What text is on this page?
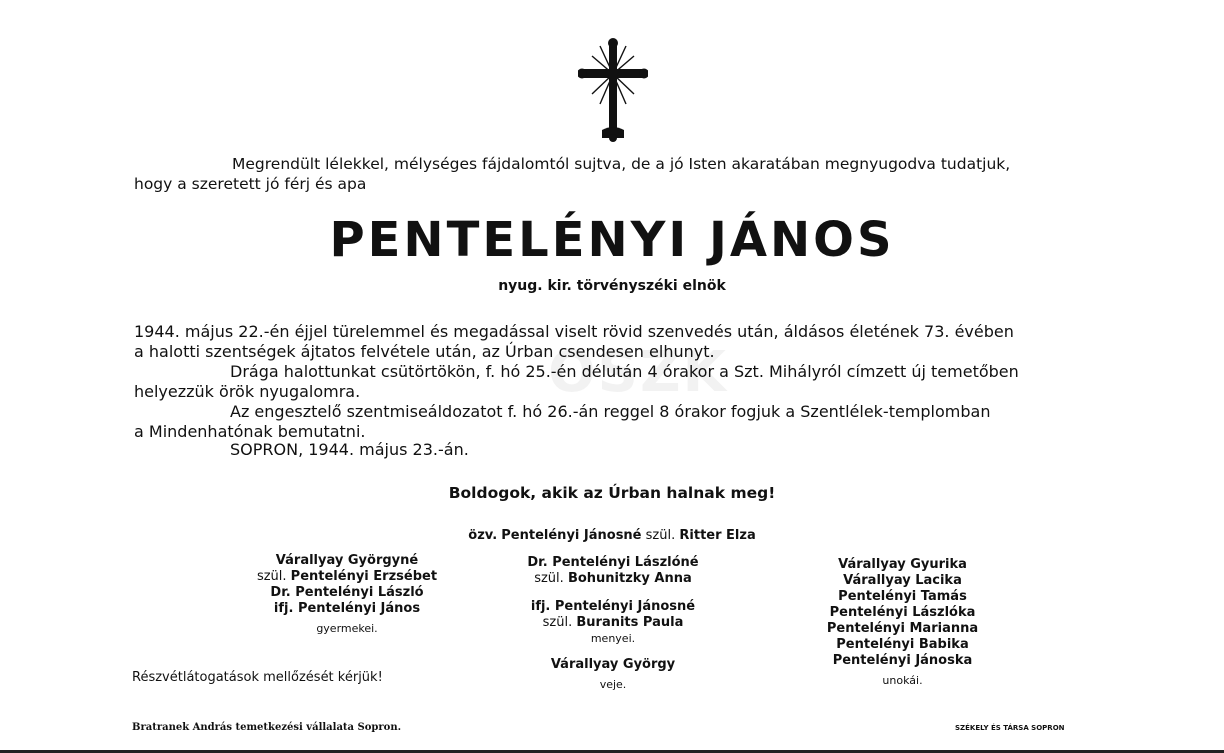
Megrendült lélekkel, mélységes fájdalomtól sujtva, de a jó Isten akaratában megnyugodva tudatjuk,
hogy a szeretett jó férj és apa
PENTELÉNYI JÁNOS
nyug. kir. törvényszéki elnök
1944. május 22.-én éjjel türelemmel és megadással viselt rövid szenvedés után, áldásos életének 73. évében
a halotti szentségek ájtatos felvétele után, az Úrban csendesen elhunyt.
Drága halottunkat csütörtökön, f. hó 25.-én délután 4 órakor a Szt. Mihályról címzett új temetőben
helyezzük örök nyugalomra.
Az engesztelő szentmiseáldozatot f. hó 26.-án reggel 8 órakor fogjuk a Szentlélek-templomban
a Mindenhatónak bemutatni.
SOPRON, 1944. május 23.-án.
OSZK
Boldogok, akik az Úrban halnak meg!
özv. Pentelényi Jánosné szül. Ritter Elza
Várallyay Györgyné
szül. Pentelényi Erzsébet
Dr. Pentelényi László
ifj. Pentelényi János
gyermekei.
Dr. Pentelényi Lászlóné
szül. Bohunitzky Anna
ifj. Pentelényi Jánosné
szül. Buranits Paula
menyei.
Várallyay György
veje.
Várallyay Gyurika
Várallyay Lacika
Pentelényi Tamás
Pentelényi Lászlóka
Pentelényi Marianna
Pentelényi Babika
Pentelényi Jánoska
unokái.
Részvétlátogatások mellőzését kérjük!
Bratranek András temetkezési vállalata Sopron.	SZÉKELY ÉS TÁRSA SOPRON
